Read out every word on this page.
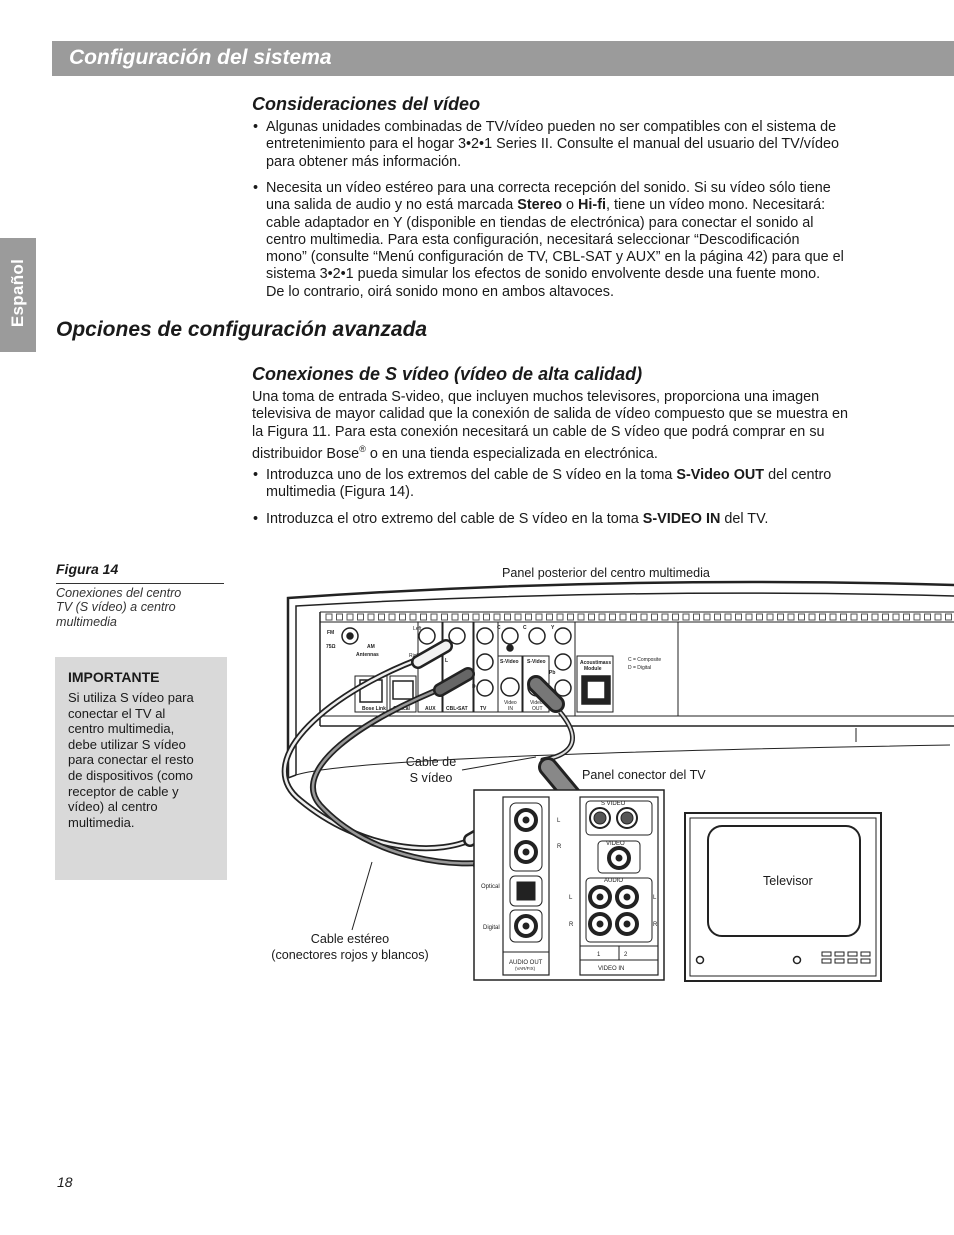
Configuración del sistema
Español
Consideraciones del vídeo
• Algunas unidades combinadas de TV/vídeo pueden no ser compatibles con el sistema de
entretenimiento para el hogar 3•2•1 Series II. Consulte el manual del usuario del TV/vídeo
para obtener más información.
• Necesita un vídeo estéreo para una correcta recepción del sonido. Si su vídeo sólo tiene
una salida de audio y no está marcada Stereo o Hi-fi, tiene un vídeo mono. Necesitará:
cable adaptador en Y (disponible en tiendas de electrónica) para conectar el sonido al
centro multimedia. Para esta configuración, necesitará seleccionar “Descodificación
mono” (consulte “Menú configuración de TV, CBL-SAT y AUX” en la página 42) para que el
sistema 3•2•1 pueda simular los efectos de sonido envolvente desde una fuente mono.
De lo contrario, oirá sonido mono en ambos altavoces.
Opciones de configuración avanzada
Conexiones de S vídeo (vídeo de alta calidad)
Una toma de entrada S-video, que incluyen muchos televisores, proporciona una imagen
televisiva de mayor calidad que la conexión de salida de vídeo compuesto que se muestra en
la Figura 11. Para esta conexión necesitará un cable de S vídeo que podrá comprar en su
distribuidor Bose® o en una tienda especializada en electrónica.
• Introduzca uno de los extremos del cable de S vídeo en la toma S-Video OUT del centro
multimedia (Figura 14).
• Introduzca el otro extremo del cable de S vídeo en la toma S-VIDEO IN del TV.
Figura 14
Conexiones del centro
TV (S vídeo) a centro
multimedia
IMPORTANTE
Si utiliza S vídeo para
conectar el TV al
centro multimedia,
debe utilizar S vídeo
para conectar el resto
de dispositivos (como
receptor de cable y
vídeo) al centro
multimedia.
Panel posterior del centro multimedia
Cable de
S vídeo	Panel conector del TV
Televisor
Cable estéreo
(conectores rojos y blancos)
FM
75Ω	AM
Antennas
Left
Right
C	C	Y
Pb
Pr
S-Video S-Video
Video
IN
Video
OUT
L
R	D
Bose Link Optical	AUX CBL•SAT TV
Acoustimass
Module
C = Composite
D = Digital
L
R
Optical
Digital
AUDIO OUT
(VAR/FIX)
S VIDEO
VIDEO
AUDIO
L	L
R	R
1	2
VIDEO IN
18
